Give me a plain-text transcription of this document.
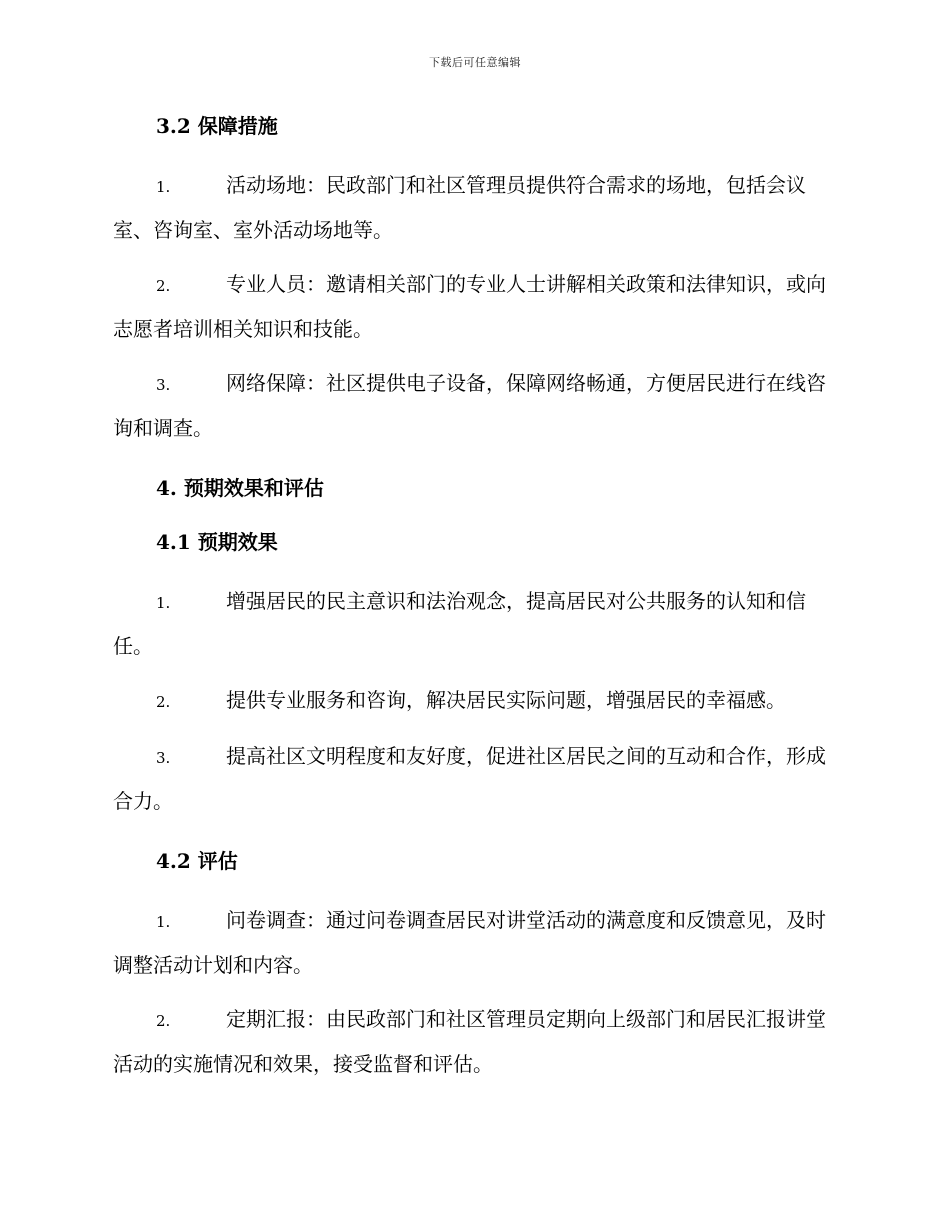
下载后可任意编辑

3.2 保障措施

1.	活动场地：民政部门和社区管理员提供符合需求的场地，包括会议室、咨询室、室外活动场地等。

2.	专业人员：邀请相关部门的专业人士讲解相关政策和法律知识，或向志愿者培训相关知识和技能。

3.	网络保障：社区提供电子设备，保障网络畅通，方便居民进行在线咨询和调查。

4. 预期效果和评估

4.1 预期效果

1.	增强居民的民主意识和法治观念，提高居民对公共服务的认知和信任。

2.	提供专业服务和咨询，解决居民实际问题，增强居民的幸福感。

3.	提高社区文明程度和友好度，促进社区居民之间的互动和合作，形成合力。

4.2 评估

1.	问卷调查：通过问卷调查居民对讲堂活动的满意度和反馈意见，及时调整活动计划和内容。

2.	定期汇报：由民政部门和社区管理员定期向上级部门和居民汇报讲堂活动的实施情况和效果，接受监督和评估。
